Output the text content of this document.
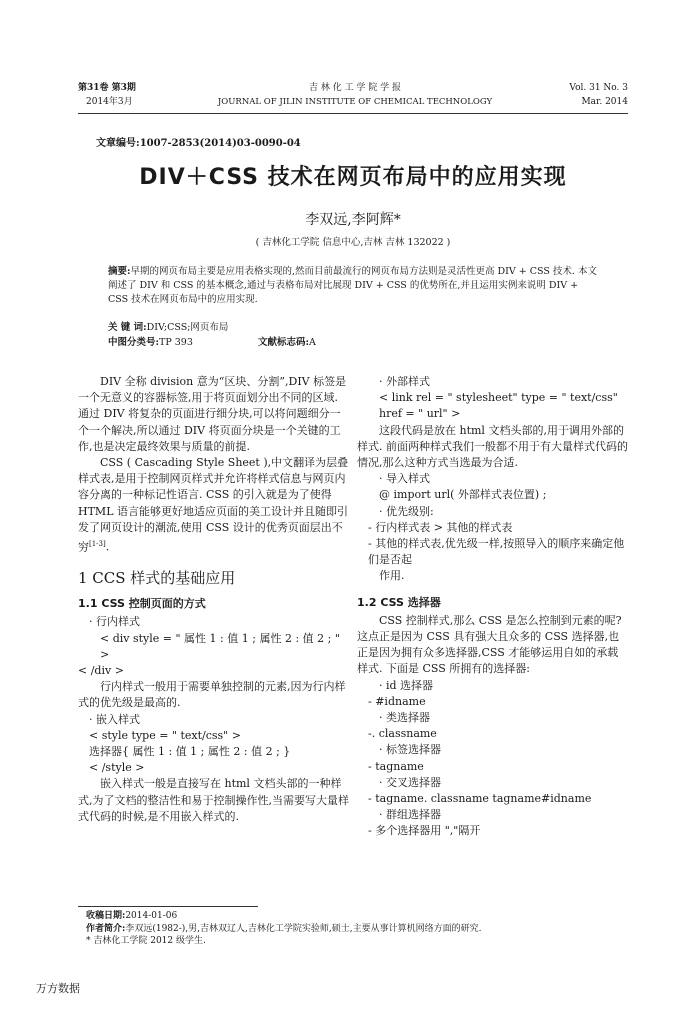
第31卷 第3期
2014年3月
吉 林 化 工 学 院 学 报
JOURNAL OF JILIN INSTITUTE OF CHEMICAL TECHNOLOGY
Vol. 31 No. 3
Mar. 2014
文章编号:1007-2853(2014)03-0090-04
DIV＋CSS 技术在网页布局中的应用实现
李双远,李阿辉*
( 吉林化工学院 信息中心,吉林 吉林 132022 )
摘要:早期的网页布局主要是应用表格实现的,然而目前最流行的网页布局方法则是灵活性更高 DIV + CSS 技术. 本文阐述了 DIV 和 CSS 的基本概念,通过与表格布局对比展现 DIV + CSS 的优势所在,并且运用实例来说明 DIV + CSS 技术在网页布局中的应用实现.
关 键 词:DIV;CSS;网页布局
中图分类号:TP 393	文献标志码:A

DIV 全称 division 意为“区块、分割”,DIV 标签是一个无意义的容器标签,用于将页面划分出不同的区域. 通过 DIV 将复杂的页面进行细分块,可以将问题细分一个一个解决,所以通过 DIV 将页面分块是一个关键的工作,也是决定最终效果与质量的前提.

CSS ( Cascading Style Sheet ),中文翻译为层叠样式表,是用于控制网页样式并允许将样式信息与网页内容分离的一种标记性语言. CSS 的引入就是为了使得 HTML 语言能够更好地适应页面的美工设计并且随即引发了网页设计的潮流,使用 CSS 设计的优秀页面层出不穷[1-3].

1 CCS 样式的基础应用
1.1 CSS 控制页面的方式

· 行内样式

< div style = " 属性 1 : 值 1 ; 属性 2 : 值 2 ; " >

< /div >

行内样式一般用于需要单独控制的元素,因为行内样式的优先级是最高的.

· 嵌入样式

< style type = " text/css" >

选择器{ 属性 1 : 值 1 ; 属性 2 : 值 2 ; }

< /style >

嵌入样式一般是直接写在 html 文档头部的一种样式,为了文档的整洁性和易于控制操作性,当需要写大量样式代码的时候,是不用嵌入样式的.

· 外部样式

< link rel = " stylesheet" type = " text/css" href = " url" >

这段代码是放在 html 文档头部的,用于调用外部的样式. 前面两种样式我们一般都不用于有大量样式代码的情况,那么这种方式当选最为合适.

· 导入样式

@ import url( 外部样式表位置) ;

· 优先级别:

- 行内样式表 > 其他的样式表

- 其他的样式表,优先级一样,按照导入的顺序来确定他们是否起

作用.

1.2 CSS 选择器

CSS 控制样式,那么 CSS 是怎么控制到元素的呢? 这点正是因为 CSS 具有强大且众多的 CSS 选择器,也正是因为拥有众多选择器,CSS 才能够运用自如的承载样式. 下面是 CSS 所拥有的选择器:

· id 选择器

- #idname

· 类选择器

-. classname

· 标签选择器

- tagname

· 交叉选择器

- tagname. classname tagname#idname

· 群组选择器

- 多个选择器用 ","隔开

收稿日期:2014-01-06
作者简介:李双远(1982-),男,吉林双辽人,吉林化工学院实验师,硕士,主要从事计算机网络方面的研究.
* 吉林化工学院 2012 级学生.
万方数据
